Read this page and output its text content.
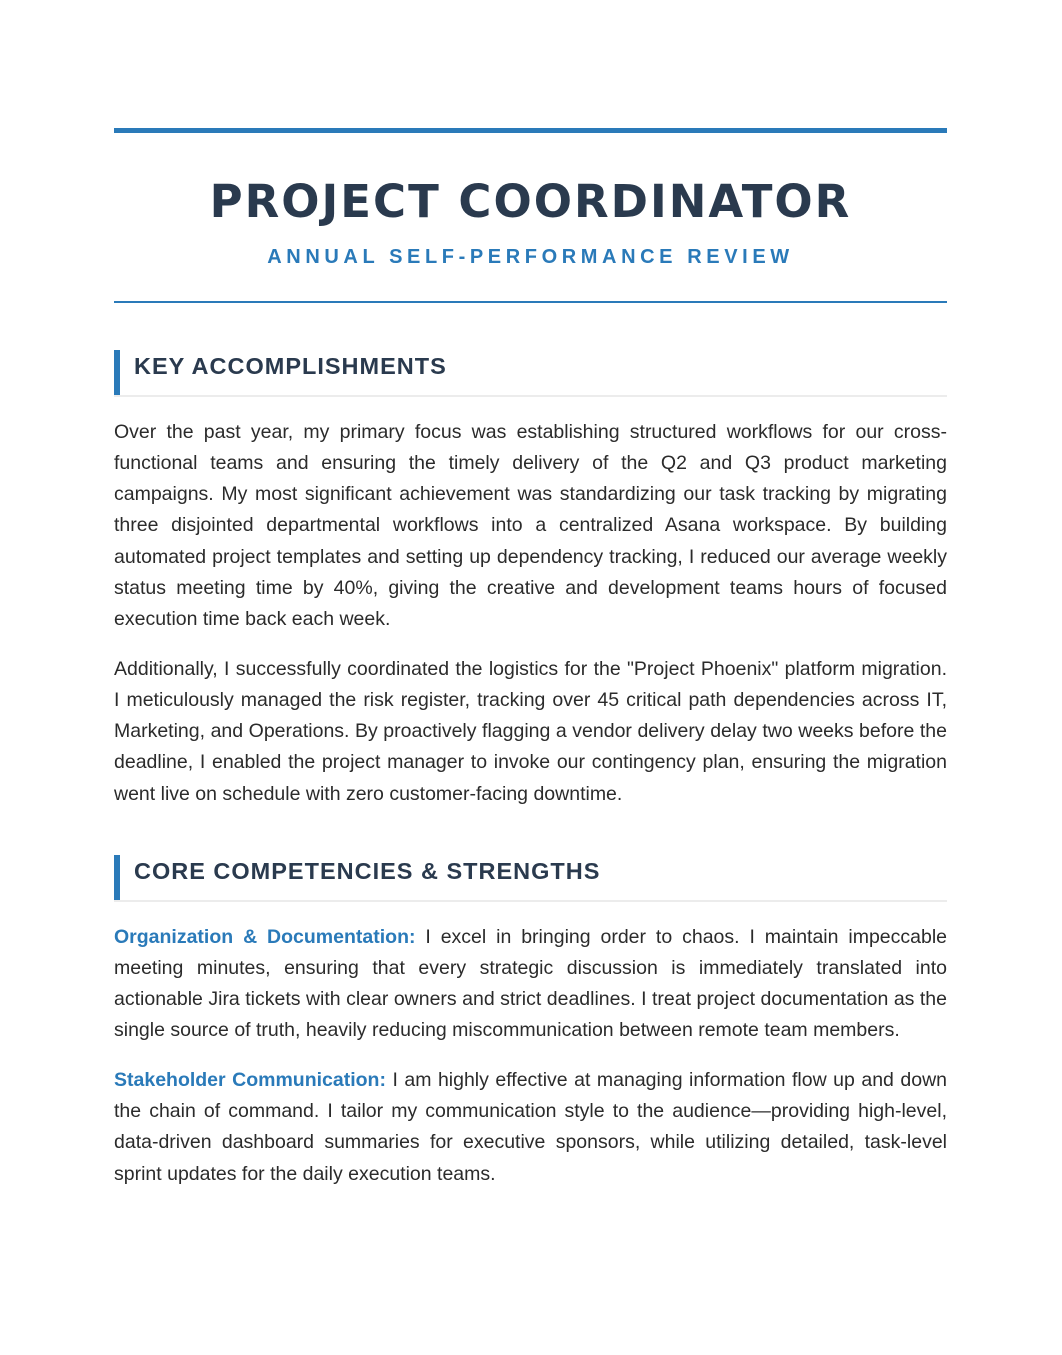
PROJECT COORDINATOR
ANNUAL SELF-PERFORMANCE REVIEW
KEY ACCOMPLISHMENTS

Over the past year, my primary focus was establishing structured workflows for our cross-functional teams and ensuring the timely delivery of the Q2 and Q3 product marketing campaigns. My most significant achievement was standardizing our task tracking by migrating three disjointed departmental workflows into a centralized Asana workspace. By building automated project templates and setting up dependency tracking, I reduced our average weekly status meeting time by 40%, giving the creative and development teams hours of focused execution time back each week.

Additionally, I successfully coordinated the logistics for the "Project Phoenix" platform migration. I meticulously managed the risk register, tracking over 45 critical path dependencies across IT, Marketing, and Operations. By proactively flagging a vendor delivery delay two weeks before the deadline, I enabled the project manager to invoke our contingency plan, ensuring the migration went live on schedule with zero customer-facing downtime.

CORE COMPETENCIES & STRENGTHS

Organization & Documentation: I excel in bringing order to chaos. I maintain impeccable meeting minutes, ensuring that every strategic discussion is immediately translated into actionable Jira tickets with clear owners and strict deadlines. I treat project documentation as the single source of truth, heavily reducing miscommunication between remote team members.

Stakeholder Communication: I am highly effective at managing information flow up and down the chain of command. I tailor my communication style to the audience—providing high-level, data-driven dashboard summaries for executive sponsors, while utilizing detailed, task-level sprint updates for the daily execution teams.
